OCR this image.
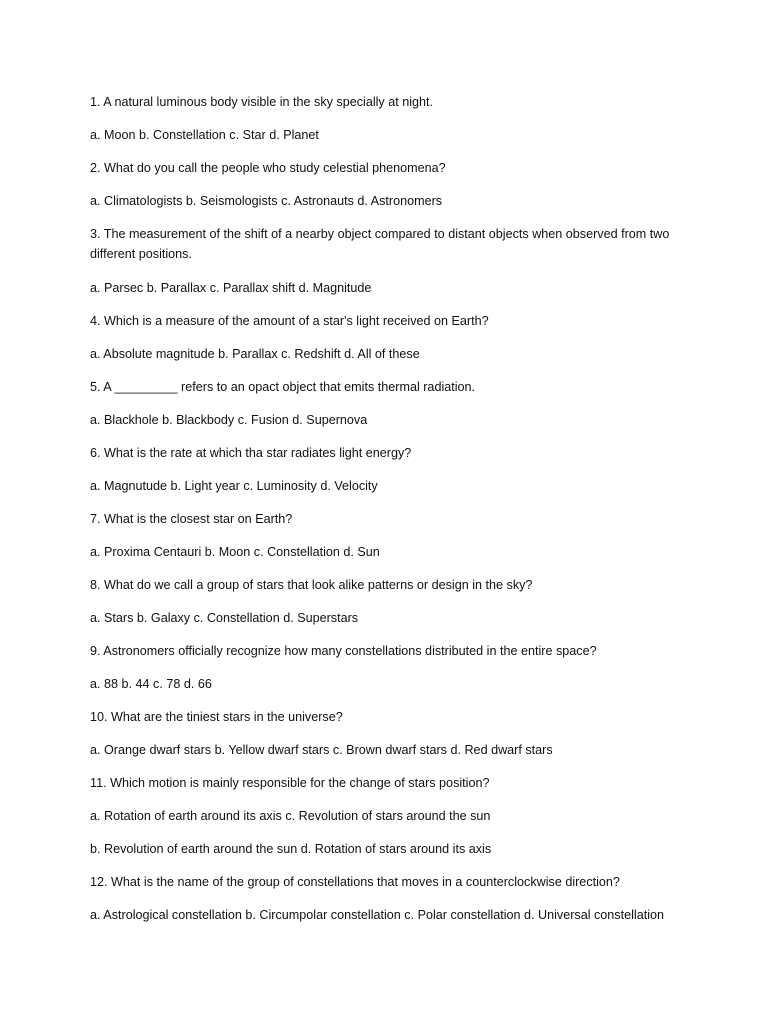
1. A natural luminous body visible in the sky specially at night.
a. Moon b. Constellation c. Star d. Planet
2. What do you call the people who study celestial phenomena?
a. Climatologists b. Seismologists c. Astronauts d. Astronomers
3. The measurement of the shift of a nearby object compared to distant objects when observed from two different positions.
a. Parsec b. Parallax c. Parallax shift d. Magnitude
4. Which is a measure of the amount of a star's light received on Earth?
a. Absolute magnitude b. Parallax c. Redshift d. All of these
5. A _________ refers to an opact object that emits thermal radiation.
a. Blackhole b. Blackbody c. Fusion d. Supernova
6. What is the rate at which tha star radiates light energy?
a. Magnutude b. Light year c. Luminosity d. Velocity
7. What is the closest star on Earth?
a. Proxima Centauri b. Moon c. Constellation d. Sun
8. What do we call a group of stars that look alike patterns or design in the sky?
a. Stars b. Galaxy c. Constellation d. Superstars
9. Astronomers officially recognize how many constellations distributed in the entire space?
a. 88 b. 44 c. 78 d. 66
10. What are the tiniest stars in the universe?
a. Orange dwarf stars b. Yellow dwarf stars c. Brown dwarf stars d. Red dwarf stars
11. Which motion is mainly responsible for the change of stars position?
a. Rotation of earth around its axis c. Revolution of stars around the sun
b. Revolution of earth around the sun d. Rotation of stars around its axis
12. What is the name of the group of constellations that moves in a counterclockwise direction?
a. Astrological constellation b. Circumpolar constellation c. Polar constellation d. Universal constellation
